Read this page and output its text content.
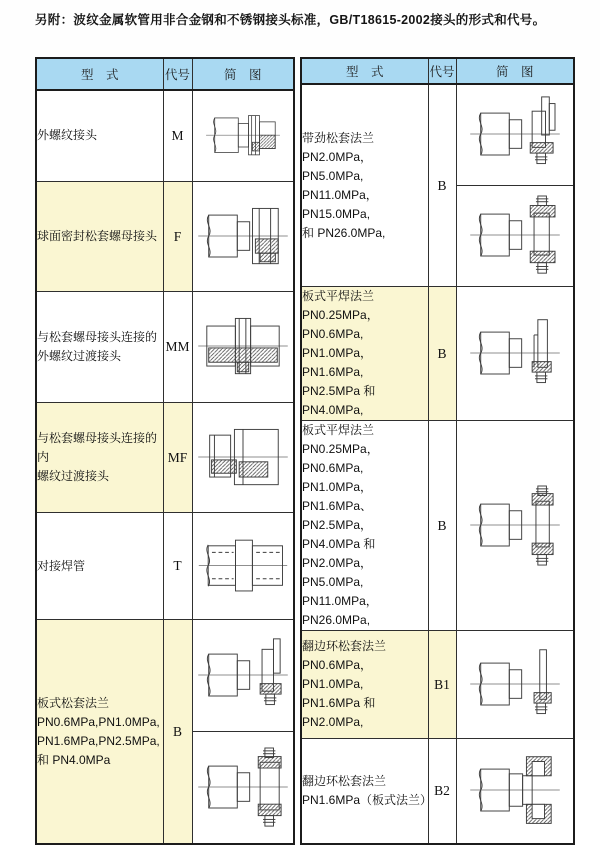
另附：波纹金属软管用非合金钢和不锈钢接头标准，GB/T18615-2002接头的形式和代号。
型　式	代号	简　图

外螺纹接头	M	

球面密封松套螺母接头	F	

与松套螺母接头连接的
外螺纹过渡接头	MM	

与松套螺母接头连接的内
螺纹过渡接头	MF	

对接焊管	T	

板式松套法兰
PN0.6MPa,PN1.0MPa,
PN1.6MPa,PN2.5MPa,
和 PN4.0MPa	B	

型　式	代号	简　图

带劲松套法兰
PN2.0MPa，PN5.0MPa,
PN11.0MPa，PN15.0MPa,
和 PN26.0MPa,	B	

板式平焊法兰
PN0.25MPa，PN0.6MPa,
PN1.0MPa，PN1.6MPa,
PN2.5MPa 和 PN4.0MPa,	B	

板式平焊法兰
PN0.25MPa，PN0.6MPa,
PN1.0MPa，PN1.6MPa、
PN2.5MPa，PN4.0MPa 和
PN2.0MPa，PN5.0MPa,
PN11.0MPa，PN26.0MPa,
	B	

翻边环松套法兰
PN0.6MPa，PN1.0MPa,
PN1.6MPa 和 PN2.0MPa,	B1	

翻边环松套法兰
PN1.6MPa（板式法兰）	B2	
